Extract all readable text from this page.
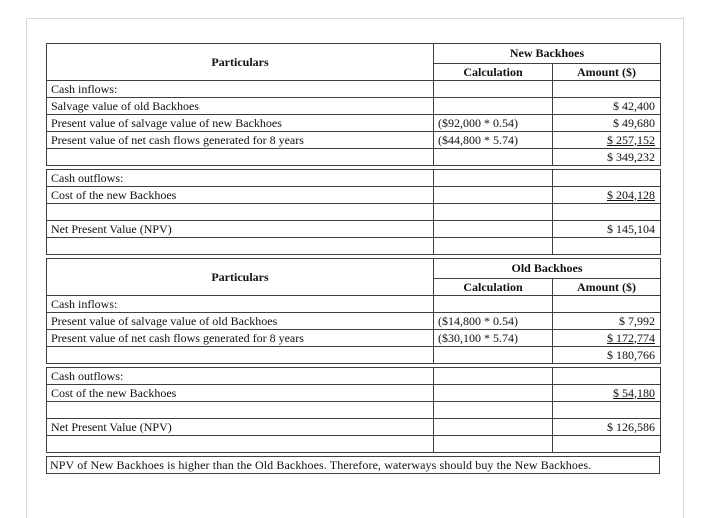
Particulars	New Backhoes	
	Calculation	Amount ($)
Cash inflows:		
Salvage value of old Backhoes		$ 42,400
Present value of salvage value of new Backhoes	($92,000 * 0.54)	$ 49,680
Present value of net cash flows generated for 8 years	($44,800 * 5.74)	$ 257,152
		$ 349,232
Cash outflows:		
Cost of the new Backhoes		$ 204,128

Net Present Value (NPV)		$ 145,104

Particulars	Old Backhoes	
	Calculation	Amount ($)
Cash inflows:		
Present value of salvage value of old Backhoes	($14,800 * 0.54)	$ 7,992
Present value of net cash flows generated for 8 years	($30,100 * 5.74)	$ 172,774
		$ 180,766
Cash outflows:		
Cost of the new Backhoes		$ 54,180

Net Present Value (NPV)		$ 126,586

NPV of New Backhoes is higher than the Old Backhoes. Therefore, waterways should buy the New Backhoes.
